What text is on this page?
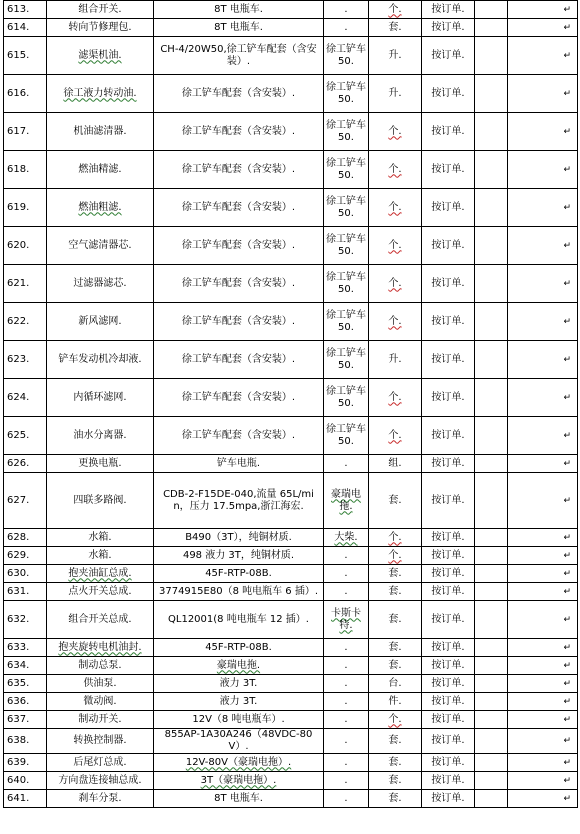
613.	组合开关.	8T 电瓶车.	.	个.	按订单.		↵
614.	转向节修理包.	8T 电瓶车.	.	套.	按订单.		↵
615.	滤渠机油.	CH-4/20W50,徐工铲车配套（含安装）.	徐工铲车 50.	升.	按订单.		↵
616.	徐工液力转动油.	徐工铲车配套（含安装）.	徐工铲车 50.	升.	按订单.		↵
617.	机油滤清器.	徐工铲车配套（含安装）.	徐工铲车 50.	个.	按订单.		↵
618.	燃油精滤.	徐工铲车配套（含安装）.	徐工铲车 50.	个.	按订单.		↵
619.	燃油粗滤.	徐工铲车配套（含安装）.	徐工铲车 50.	个.	按订单.		↵
620.	空气滤清器芯.	徐工铲车配套（含安装）.	徐工铲车 50.	个.	按订单.		↵
621.	过滤器滤芯.	徐工铲车配套（含安装）.	徐工铲车 50.	个.	按订单.		↵
622.	新风滤网.	徐工铲车配套（含安装）.	徐工铲车 50.	个.	按订单.		↵
623.	铲车发动机冷却液.	徐工铲车配套（含安装）.	徐工铲车 50.	升.	按订单.		↵
624.	内循环滤网.	徐工铲车配套（含安装）.	徐工铲车 50.	个.	按订单.		↵
625.	油水分离器.	徐工铲车配套（含安装）.	徐工铲车 50.	个.	按订单.		↵
626.	更换电瓶.	铲车电瓶.	.	组.	按订单.		↵
627.	四联多路阀.	CDB-2-F15DE-040,流量 65L/min，压力 17.5mpa,浙江海宏.	豪瑞电拖.	套.	按订单.		↵
628.	水箱.	B490（3T），纯铜材质.	大柴.	个.	按订单.		↵
629.	水箱.	498 液力 3T，纯铜材质.	.	个.	按订单.		↵
630.	抱夹油缸总成.	45F-RTP-08B.	.	套.	按订单.		↵
631.	点火开关总成.	3774915E80（8 吨电瓶车 6 插）.	.	套.	按订单.		↵
632.	组合开关总成.	QL12001(8 吨电瓶车 12 插）.	卡斯卡特.	套.	按订单.		↵
633.	抱夹旋转电机油封.	45F-RTP-08B.	.	套.	按订单.		↵
634.	制动总泵.	豪瑞电拖.	.	套.	按订单.		↵
635.	供油泵.	液力 3T.	.	台.	按订单.		↵
636.	微动阀.	液力 3T.	.	件.	按订单.		↵
637.	制动开关.	12V（8 吨电瓶车）.	.	个.	按订单.		↵
638.	转换控制器.	855AP-1A30A246（48VDC-80V）.	.	套.	按订单.		↵
639.	后尾灯总成.	12V-80V（豪瑞电拖）.	.	套.	按订单.		↵
640.	方向盘连接轴总成.	3T（豪瑞电拖）.	.	套.	按订单.		↵
641.	刹车分泵.	8T 电瓶车.	.	套.	按订单.		↵
